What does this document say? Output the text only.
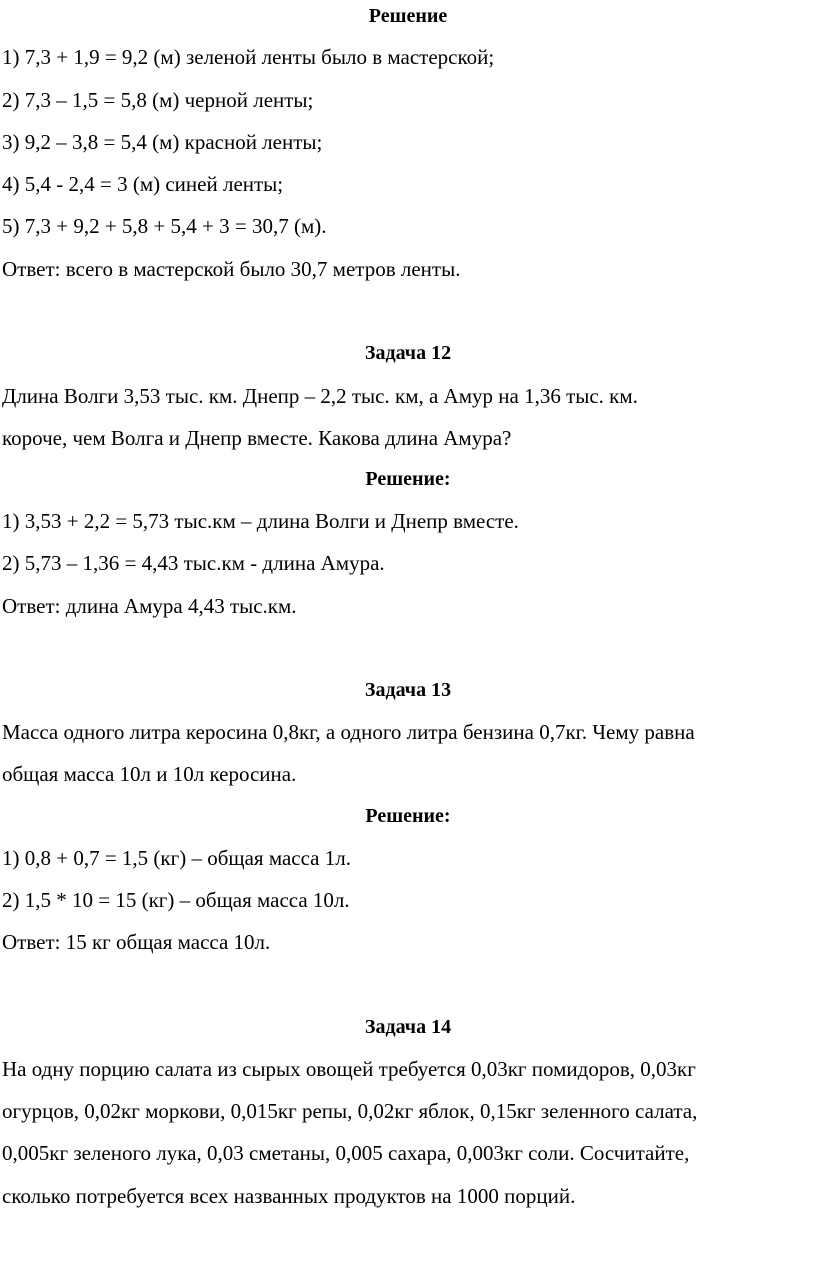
Решение
1) 7,3 + 1,9 = 9,2 (м) зеленой ленты было в мастерской;
2) 7,3 – 1,5 = 5,8 (м) черной ленты;
3) 9,2 – 3,8 = 5,4 (м) красной ленты;
4) 5,4 - 2,4 = 3 (м) синей ленты;
5) 7,3 + 9,2 + 5,8 + 5,4 + 3 = 30,7 (м).
Ответ: всего в мастерской было 30,7 метров ленты.
Задача 12
Длина Волги 3,53 тыс. км. Днепр – 2,2 тыс. км, а Амур на 1,36 тыс. км.
короче, чем Волга и Днепр вместе. Какова длина Амура?
Решение:
1) 3,53 + 2,2 = 5,73 тыс.км – длина Волги и Днепр вместе.
2) 5,73 – 1,36 = 4,43 тыс.км - длина Амура.
Ответ: длина Амура 4,43 тыс.км.
Задача 13
Масса одного литра керосина 0,8кг, а одного литра бензина 0,7кг. Чему равна
общая масса 10л и 10л керосина.
Решение:
1) 0,8 + 0,7 = 1,5 (кг) – общая масса 1л.
2) 1,5 * 10 = 15 (кг) – общая масса 10л.
Ответ: 15 кг общая масса 10л.
Задача 14
На одну порцию салата из сырых овощей требуется 0,03кг помидоров, 0,03кг
огурцов, 0,02кг моркови, 0,015кг репы, 0,02кг яблок, 0,15кг зеленного салата,
0,005кг зеленого лука, 0,03 сметаны, 0,005 сахара, 0,003кг соли. Сосчитайте,
сколько потребуется всех названных продуктов на 1000 порций.
